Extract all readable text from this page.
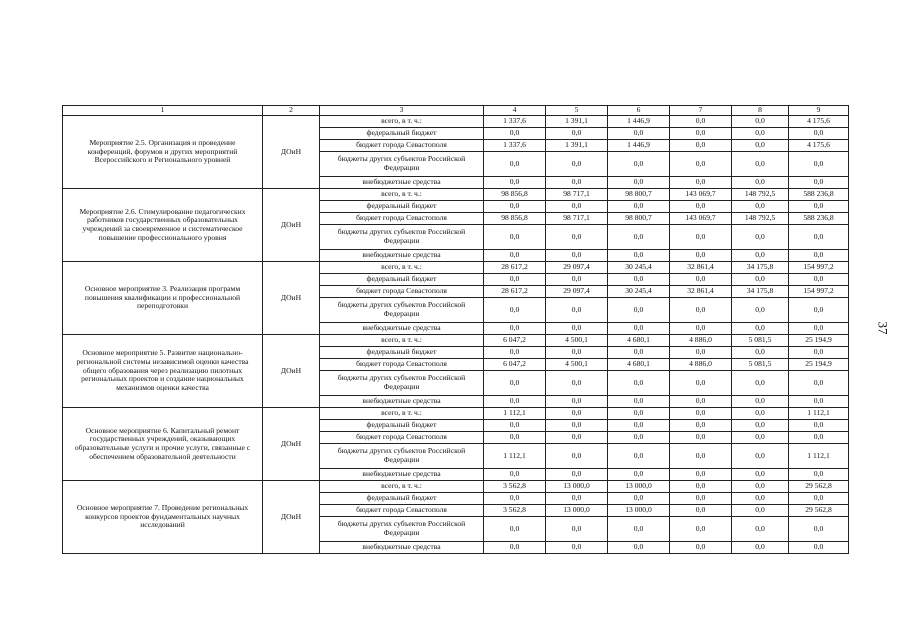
1	2	3	4	5	6	7	8	9
Мероприятие 2.5. Организация и проведение конференций, форумов и других мероприятий Всероссийского и Регионального уровней	ДОиН	всего, в т. ч.:	1 337,6	1 391,1	1 446,9	0,0	0,0	4 175,6
		федеральный бюджет	0,0	0,0	0,0	0,0	0,0	0,0
		бюджет города Севастополя	1 337,6	1 391,1	1 446,9	0,0	0,0	4 175,6
		бюджеты других субъектов Российской Федерации	0,0	0,0	0,0	0,0	0,0	0,0
		внебюджетные средства	0,0	0,0	0,0	0,0	0,0	0,0
Мероприятие 2.6. Стимулирование педагогических работников государственных образовательных учреждений за своевременное и систематическое повышение профессионального уровня	ДОиН	всего, в т. ч.:	98 856,8	98 717,1	98 800,7	143 069,7	148 792,5	588 236,8
		федеральный бюджет	0,0	0,0	0,0	0,0	0,0	0,0
		бюджет города Севастополя	98 856,8	98 717,1	98 800,7	143 069,7	148 792,5	588 236,8
		бюджеты других субъектов Российской Федерации	0,0	0,0	0,0	0,0	0,0	0,0
		внебюджетные средства	0,0	0,0	0,0	0,0	0,0	0,0
Основное мероприятие 3. Реализация программ повышения квалификации и профессиональной переподготовки	ДОиН	всего, в т. ч.:	28 617,2	29 097,4	30 245,4	32 861,4	34 175,8	154 997,2
		федеральный бюджет	0,0	0,0	0,0	0,0	0,0	0,0
		бюджет города Севастополя	28 617,2	29 097,4	30 245,4	32 861,4	34 175,8	154 997,2
		бюджеты других субъектов Российской Федерации	0,0	0,0	0,0	0,0	0,0	0,0
		внебюджетные средства	0,0	0,0	0,0	0,0	0,0	0,0
Основное мероприятие 5. Развитие национально-региональной системы независимой оценки качества общего образования через реализацию пилотных региональных проектов и создание национальных механизмов оценки качества	ДОиН	всего, в т. ч.:	6 047,2	4 500,1	4 680,1	4 886,0	5 081,5	25 194,9
		федеральный бюджет	0,0	0,0	0,0	0,0	0,0	0,0
		бюджет города Севастополя	6 047,2	4 500,1	4 680,1	4 886,0	5 081,5	25 194,9
		бюджеты других субъектов Российской Федерации	0,0	0,0	0,0	0,0	0,0	0,0
		внебюджетные средства	0,0	0,0	0,0	0,0	0,0	0,0
Основное мероприятие 6. Капитальный ремонт государственных учреждений, оказывающих образовательные услуги и прочие услуги, связанные с обеспечением образовательной деятельности	ДОиН	всего, в т. ч.:	1 112,1	0,0	0,0	0,0	0,0	1 112,1
		федеральный бюджет	0,0	0,0	0,0	0,0	0,0	0,0
		бюджет города Севастополя	0,0	0,0	0,0	0,0	0,0	0,0
		бюджеты других субъектов Российской Федерации	1 112,1	0,0	0,0	0,0	0,0	1 112,1
		внебюджетные средства	0,0	0,0	0,0	0,0	0,0	0,0
Основное мероприятие 7. Проведение региональных конкурсов проектов фундаментальных научных исследований	ДОиН	всего, в т. ч.:	3 562,8	13 000,0	13 000,0	0,0	0,0	29 562,8
		федеральный бюджет	0,0	0,0	0,0	0,0	0,0	0,0
		бюджет города Севастополя	3 562,8	13 000,0	13 000,0	0,0	0,0	29 562,8
		бюджеты других субъектов Российской Федерации	0,0	0,0	0,0	0,0	0,0	0,0
		внебюджетные средства	0,0	0,0	0,0	0,0	0,0	0,0
37
